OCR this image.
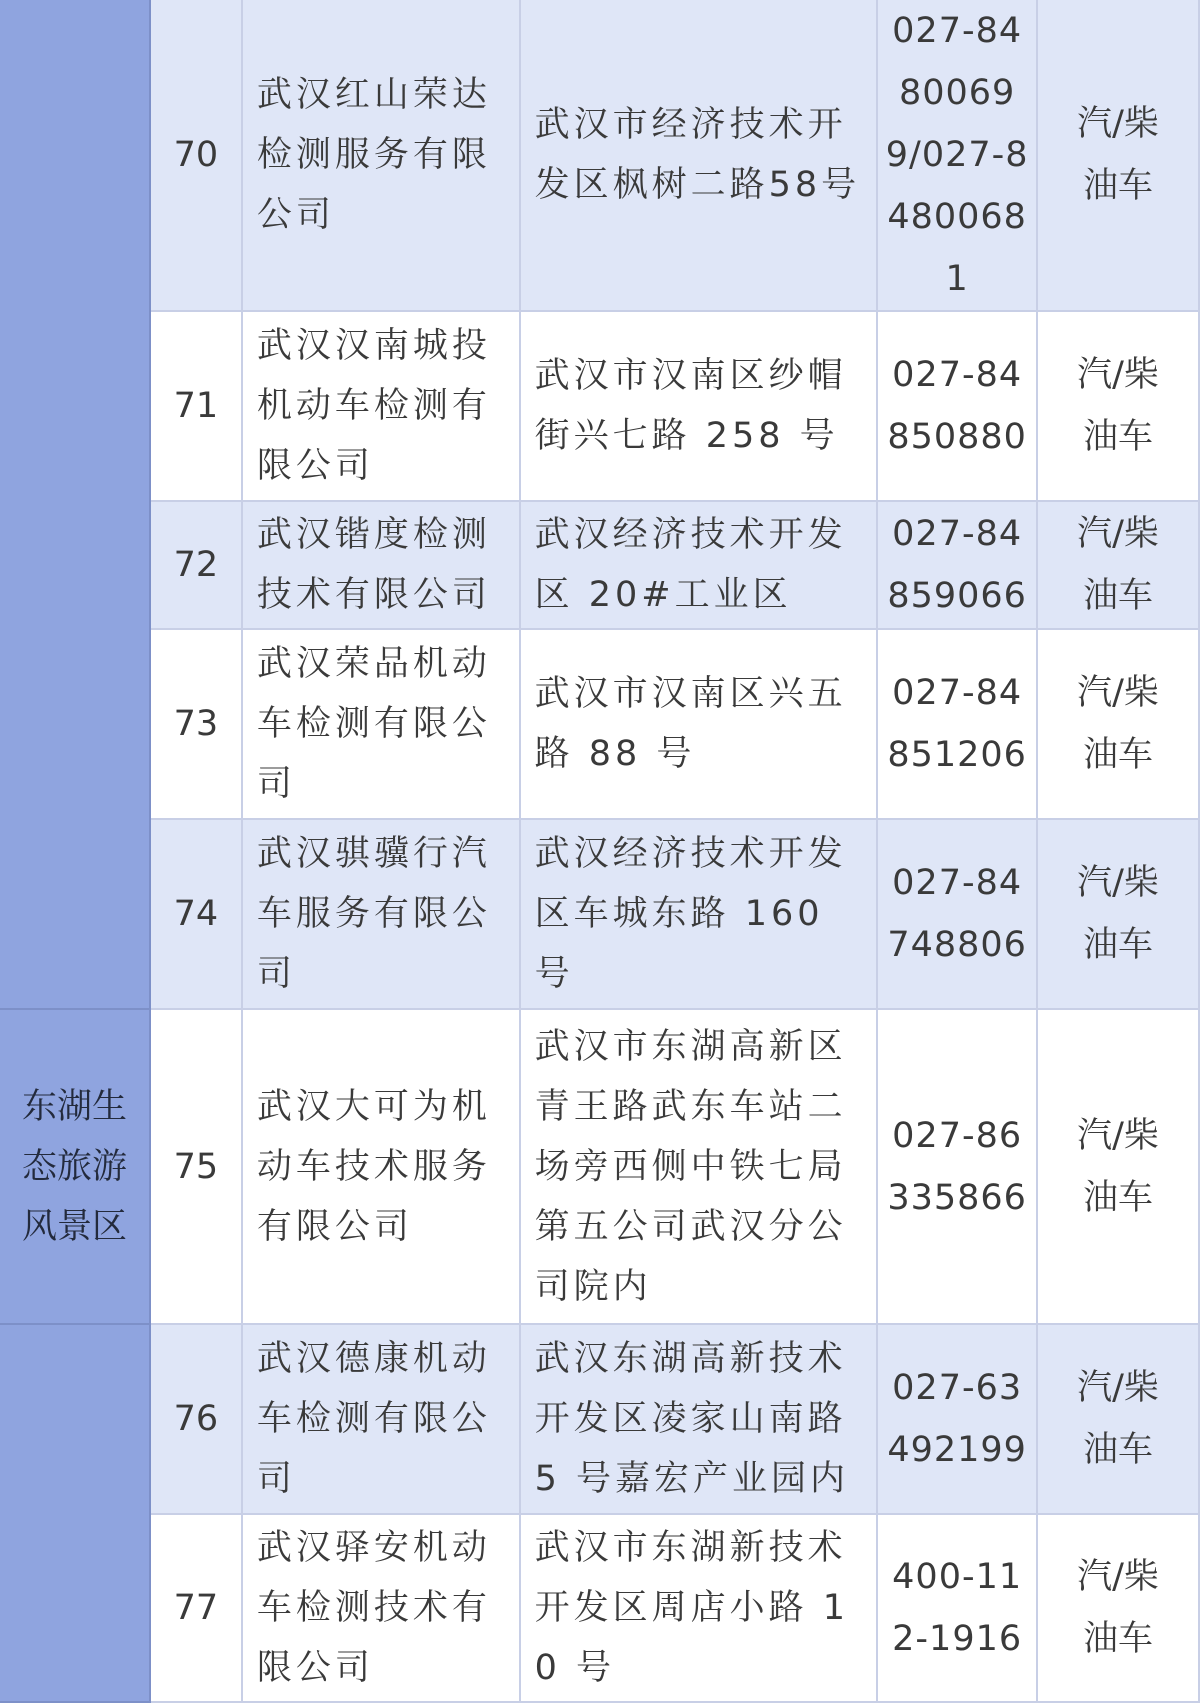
	70	武汉红山荣达检测服务有限公司	武汉市经济技术开发区枫树二路58号	027-84800699/027-84800681	汽/柴
油车

	71	武汉汉南城投机动车检测有限公司	武汉市汉南区纱帽街兴七路 258 号	027-84850880	汽/柴
油车

	72	武汉锴度检测技术有限公司	武汉经济技术开发区 20#工业区	027-84859066	汽/柴
油车

	73	武汉荣品机动车检测有限公司	武汉市汉南区兴五路 88 号	027-84851206	汽/柴
油车

	74	武汉骐骥行汽车服务有限公司	武汉经济技术开发区车城东路 160 号	027-84748806	汽/柴
油车

东湖生态旅游风景区	75	武汉大可为机动车技术服务有限公司	武汉市东湖高新区青王路武东车站二场旁西侧中铁七局第五公司武汉分公司院内	027-86335866	汽/柴
油车

	76	武汉德康机动车检测有限公司	武汉东湖高新技术开发区凌家山南路 5 号嘉宏产业园内	027-63492199	汽/柴
油车

	77	武汉驿安机动车检测技术有限公司	武汉市东湖新技术开发区周店小路 10 号	400-112-1916	汽/柴
油车
